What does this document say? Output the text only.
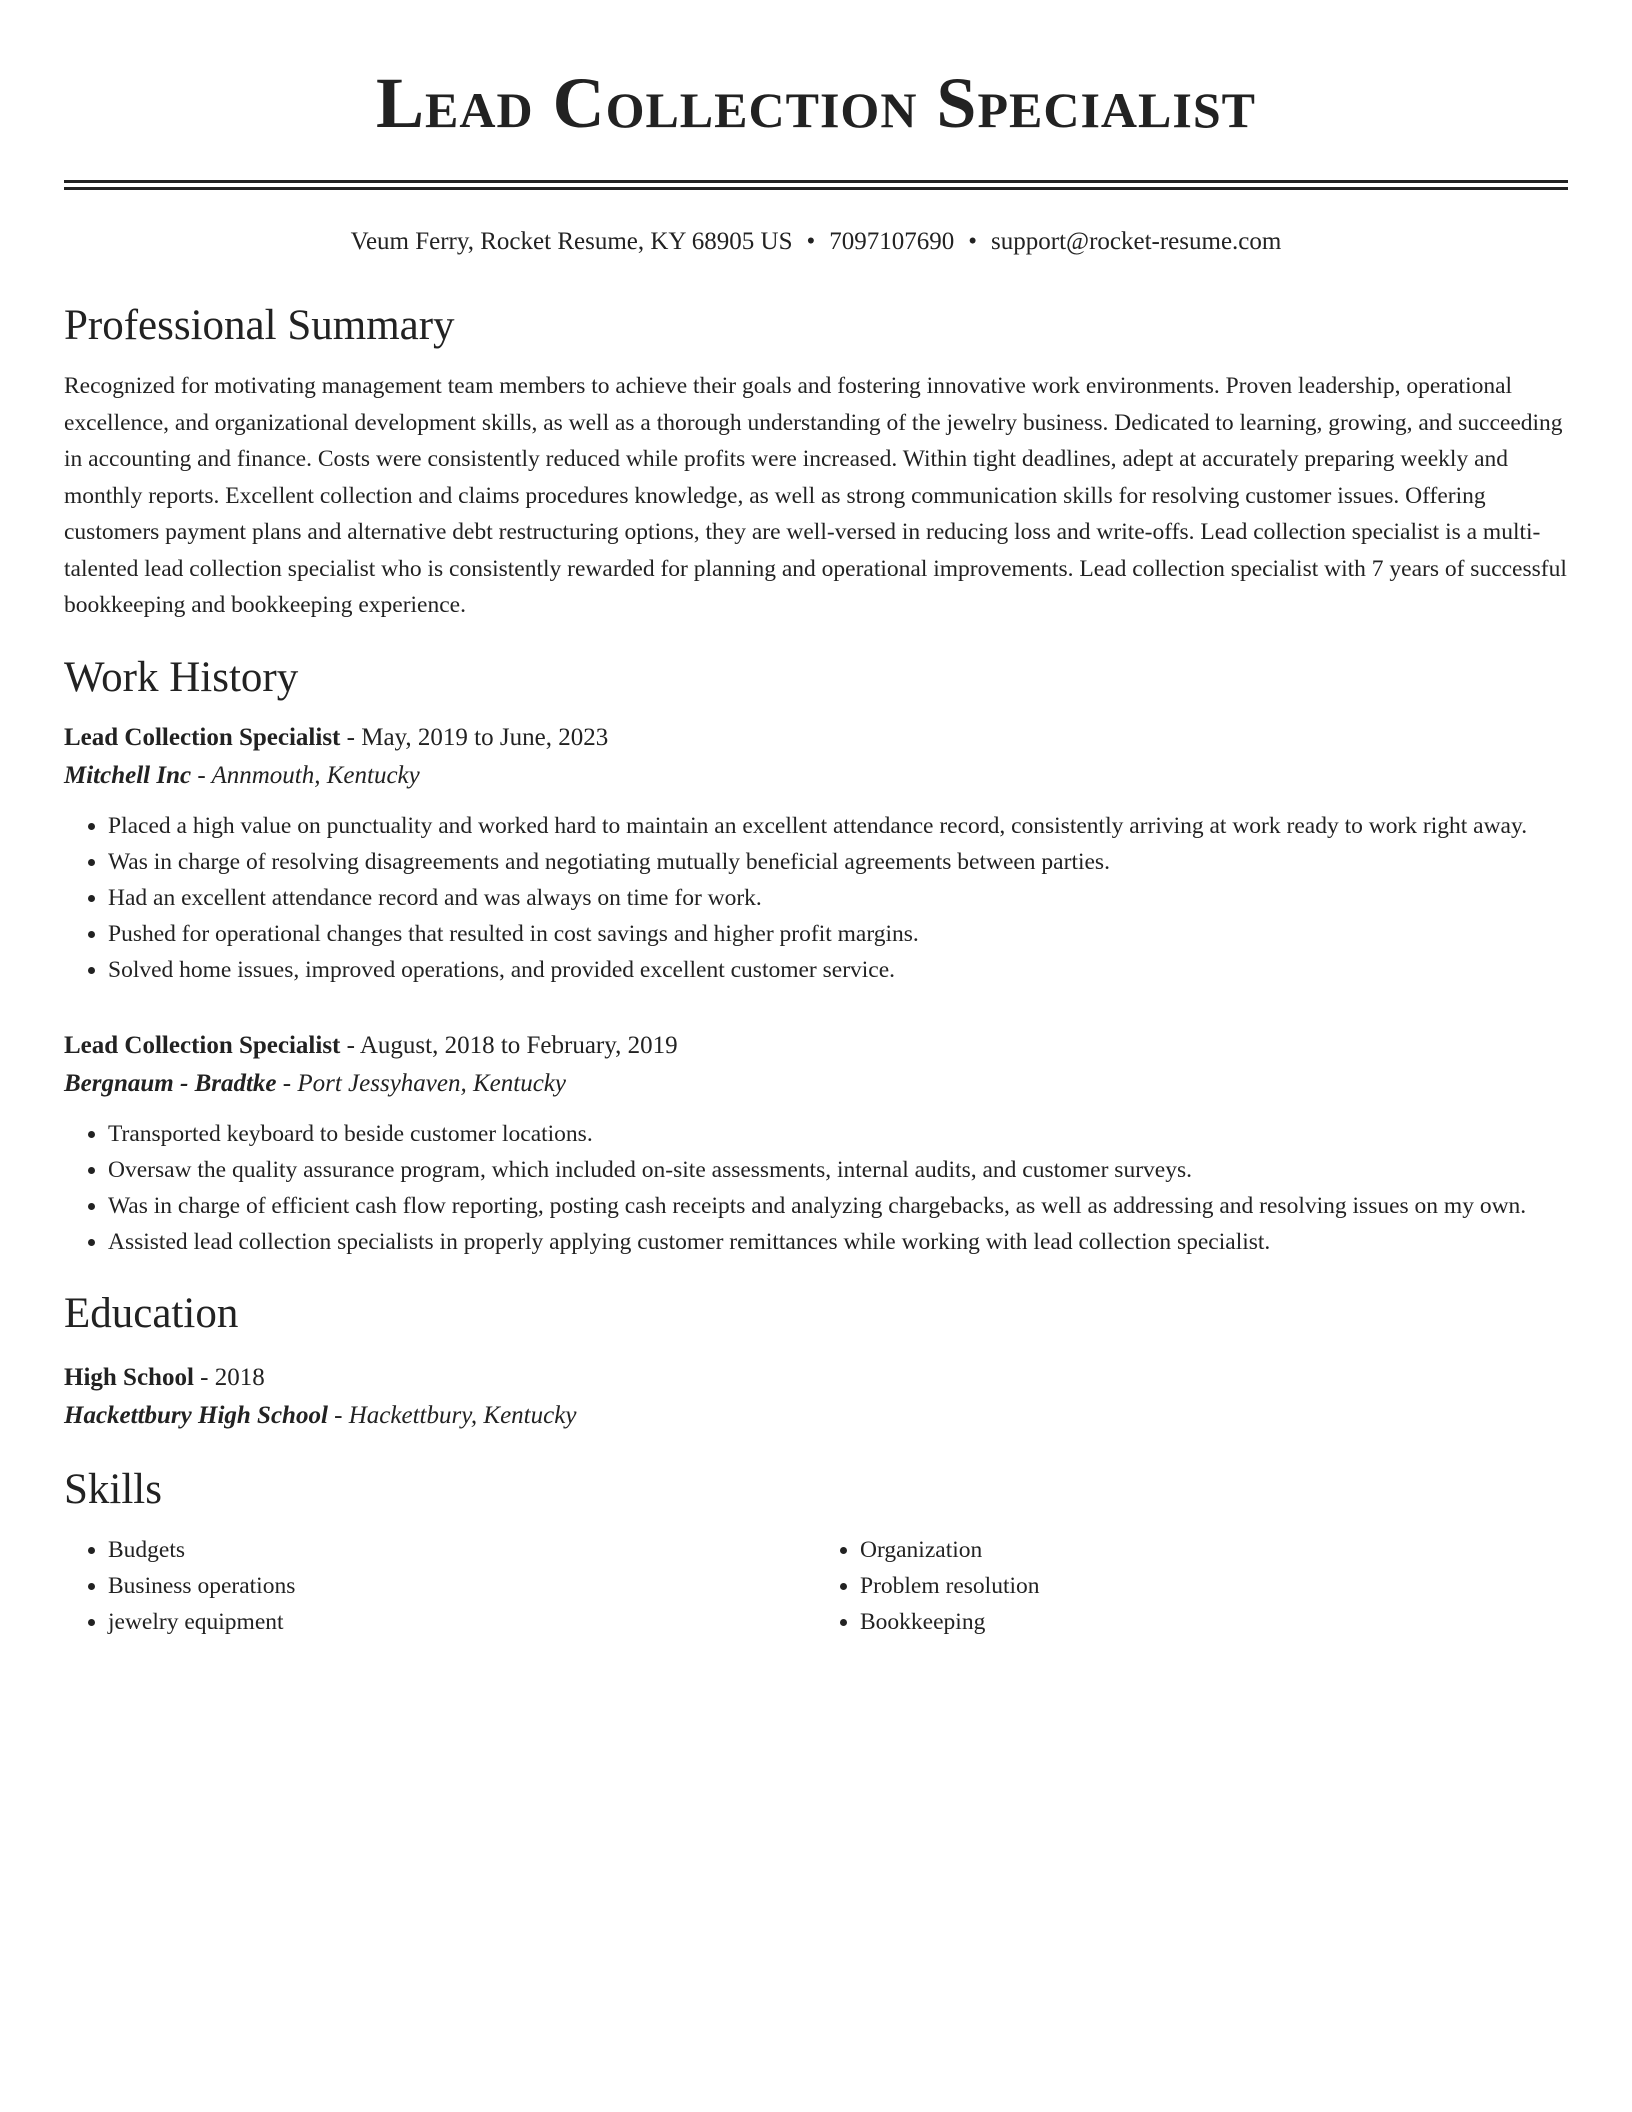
Lead Collection Specialist
Veum Ferry, Rocket Resume, KY 68905 US • 7097107690 • support@rocket-resume.com
Professional Summary

Recognized for motivating management team members to achieve their goals and fostering innovative work environments. Proven leadership, operational excellence, and organizational development skills, as well as a thorough understanding of the jewelry business. Dedicated to learning, growing, and succeeding in accounting and finance. Costs were consistently reduced while profits were increased. Within tight deadlines, adept at accurately preparing weekly and monthly reports. Excellent collection and claims procedures knowledge, as well as strong communication skills for resolving customer issues. Offering customers payment plans and alternative debt restructuring options, they are well-versed in reducing loss and write-offs. Lead collection specialist is a multi-talented lead collection specialist who is consistently rewarded for planning and operational improvements. Lead collection specialist with 7 years of successful bookkeeping and bookkeeping experience.

Work History
Lead Collection Specialist - May, 2019 to June, 2023
Mitchell Inc - Annmouth, Kentucky
• Placed a high value on punctuality and worked hard to maintain an excellent attendance record, consistently arriving at work ready to work right away.
• Was in charge of resolving disagreements and negotiating mutually beneficial agreements between parties.
• Had an excellent attendance record and was always on time for work.
• Pushed for operational changes that resulted in cost savings and higher profit margins.
• Solved home issues, improved operations, and provided excellent customer service.
Lead Collection Specialist - August, 2018 to February, 2019
Bergnaum - Bradtke - Port Jessyhaven, Kentucky
• Transported keyboard to beside customer locations.
• Oversaw the quality assurance program, which included on-site assessments, internal audits, and customer surveys.
• Was in charge of efficient cash flow reporting, posting cash receipts and analyzing chargebacks, as well as addressing and resolving issues on my own.
• Assisted lead collection specialists in properly applying customer remittances while working with lead collection specialist.
Education
High School - 2018
Hackettbury High School - Hackettbury, Kentucky
Skills
• Budgets
• Business operations
• jewelry equipment
• Organization
• Problem resolution
• Bookkeeping
